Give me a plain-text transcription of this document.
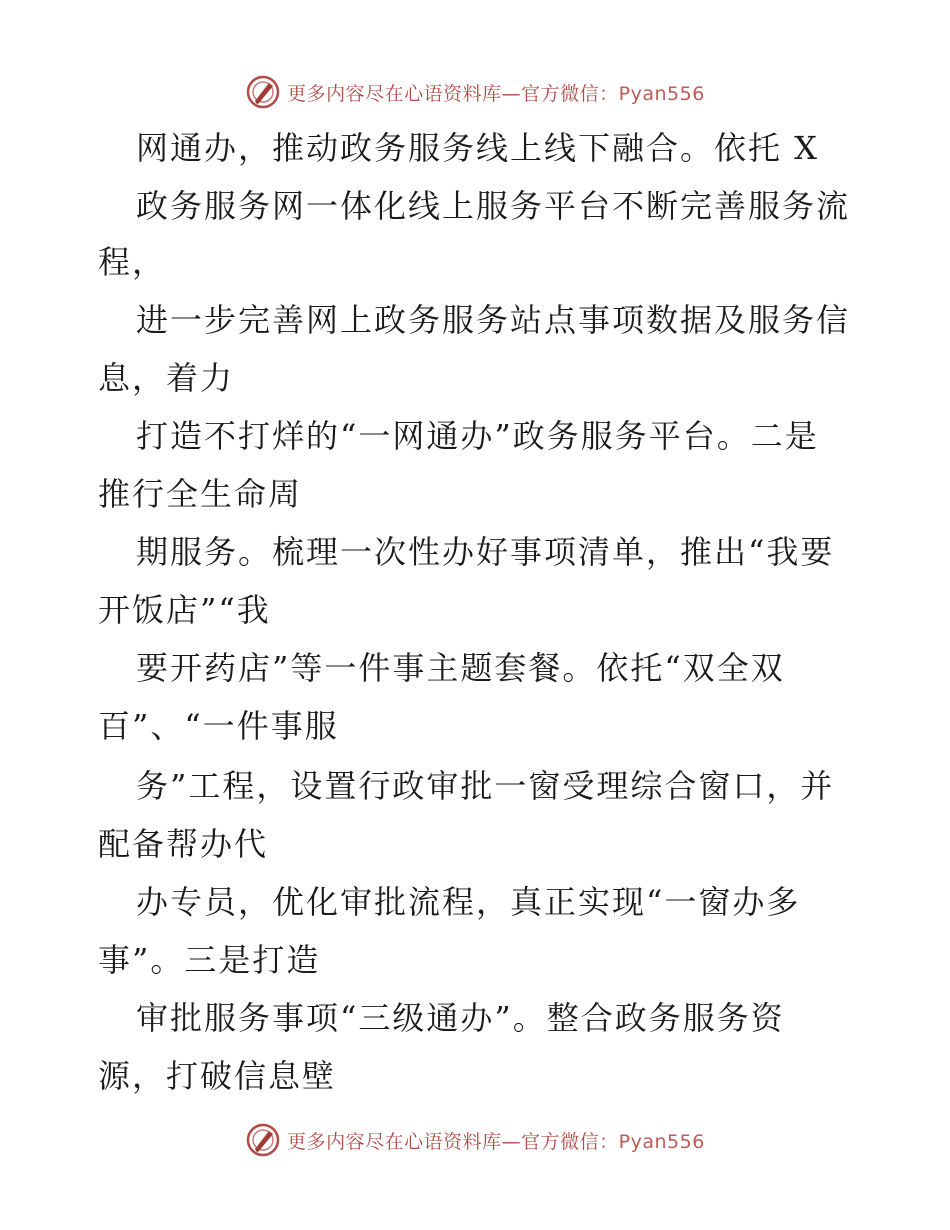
更多内容尽在心语资料库—官方微信：Pyan556
网通办，推动政务服务线上线下融合。依托 X
政务服务网一体化线上服务平台不断完善服务流
程，
进一步完善网上政务服务站点事项数据及服务信
息，着力
打造不打烊的“一网通办”政务服务平台。二是
推行全生命周
期服务。梳理一次性办好事项清单，推出“我要
开饭店”“我
要开药店”等一件事主题套餐。依托“双全双
百”、“一件事服
务”工程，设置行政审批一窗受理综合窗口，并
配备帮办代
办专员，优化审批流程，真正实现“一窗办多
事”。三是打造
审批服务事项“三级通办”。整合政务服务资
源，打破信息壁
更多内容尽在心语资料库—官方微信：Pyan556
